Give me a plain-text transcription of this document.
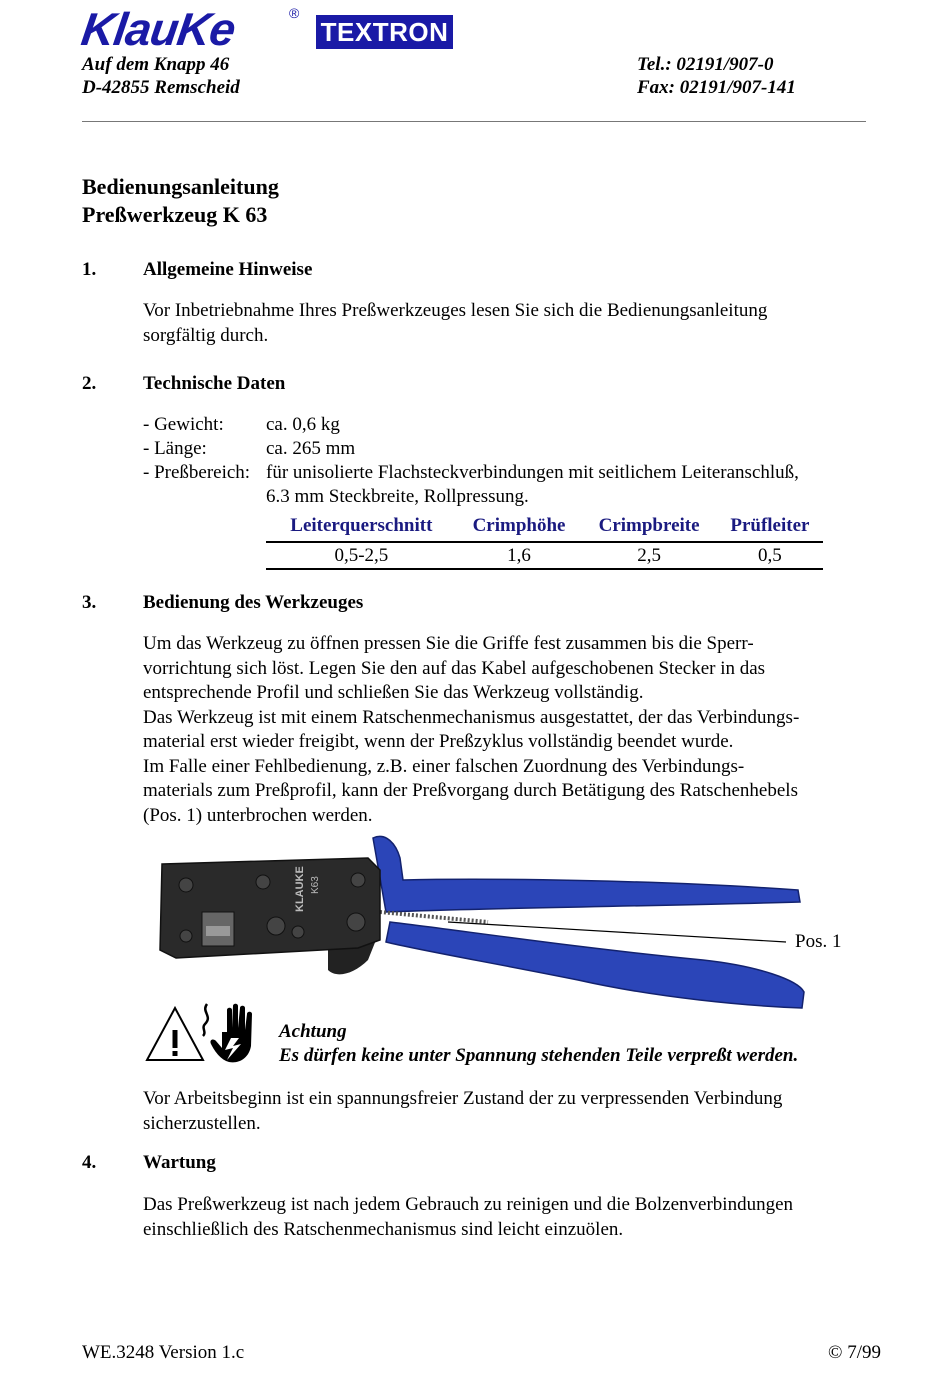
KlauKe	®
TEXTRON
Auf dem Knapp 46
D-42855 Remscheid
Tel.: 02191/907-0
Fax: 02191/907-141
Bedienungsanleitung
Preßwerkzeug K 63
1. Allgemeine Hinweise

Vor Inbetriebnahme Ihres Preßwerkzeuges lesen Sie sich die Bedienungsanleitung

sorgfältig durch.

2. Technische Daten
- Gewicht: ca. 0,6 kg
- Länge:	ca. 265 mm
- Preßbereich: für unisolierte Flachsteckverbindungen mit seitlichem Leiteranschluß,
6.3 mm Steckbreite, Rollpressung.
Leiterquerschnitt	Crimphöhe	Crimpbreite	Prüfleiter
0,5-2,5	1,6	2,5	0,5
3. Bedienung des Werkzeuges

Um das Werkzeug zu öffnen pressen Sie die Griffe fest zusammen bis die Sperr-

vorrichtung sich löst. Legen Sie den auf das Kabel aufgeschobenen Stecker in das

entsprechende Profil und schließen Sie das Werkzeug vollständig.

Das Werkzeug ist mit einem Ratschenmechanismus ausgestattet, der das Verbindungs-

material erst wieder freigibt, wenn der Preßzyklus vollständig beendet wurde.

Im Falle einer Fehlbedienung, z.B. einer falschen Zuordnung des Verbindungs-

materials zum Preßprofil, kann der Preßvorgang durch Betätigung des Ratschenhebels

(Pos. 1) unterbrochen werden.

KLAUKE K63
Pos. 1
Achtung
Es dürfen keine unter Spannung stehenden Teile verpreßt werden.

Vor Arbeitsbeginn ist ein spannungsfreier Zustand der zu verpressenden Verbindung

sicherzustellen.

4. Wartung

Das Preßwerkzeug ist nach jedem Gebrauch zu reinigen und die Bolzenverbindungen

einschließlich des Ratschenmechanismus sind leicht einzuölen.

WE.3248 Version 1.c	© 7/99
